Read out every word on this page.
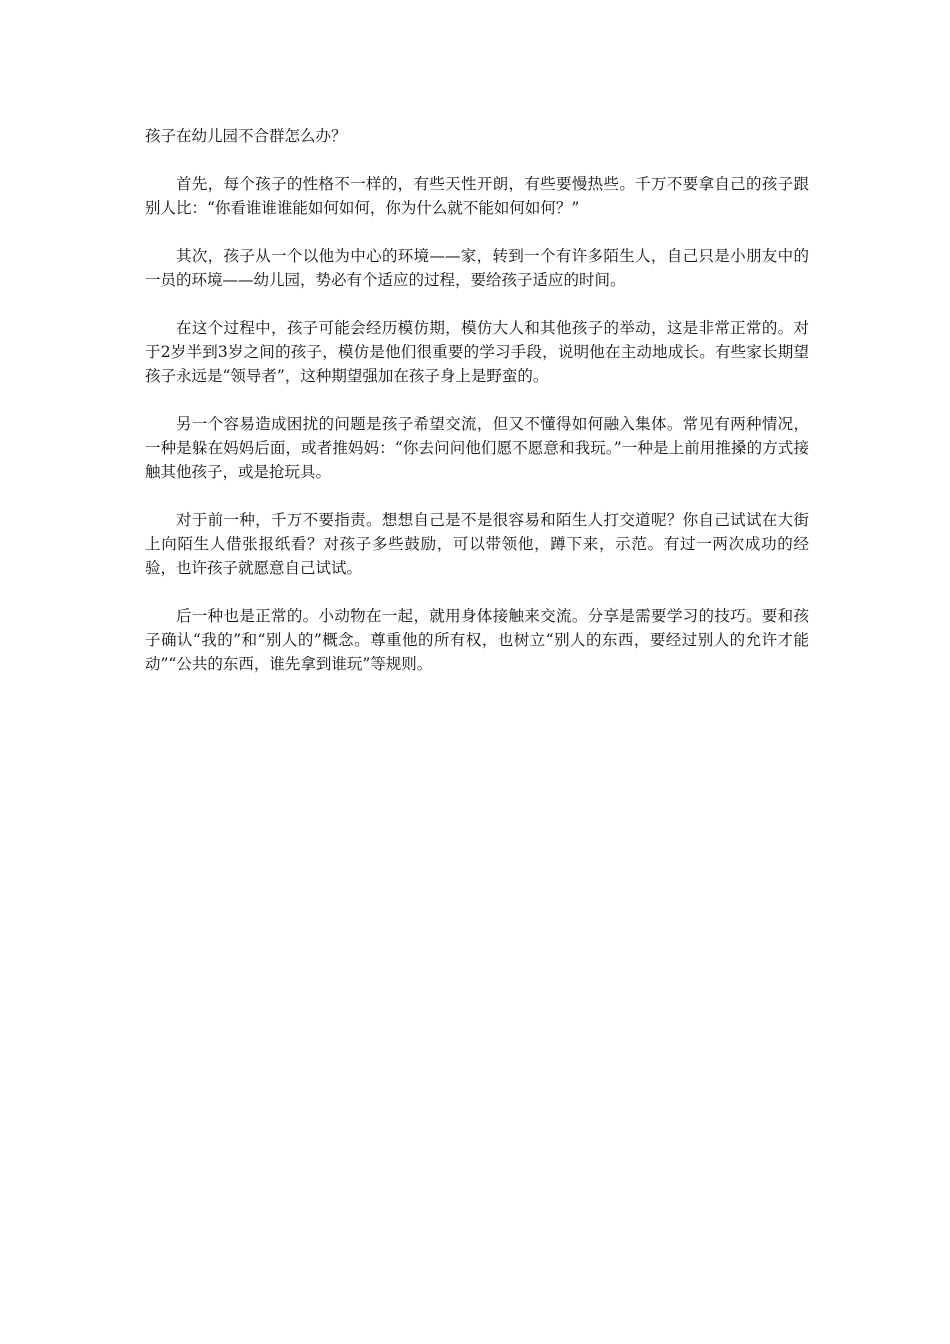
孩子在幼儿园不合群怎么办？

首先，每个孩子的性格不一样的，有些天性开朗，有些要慢热些。千万不要拿自己的孩子跟别人比：“你看谁谁谁能如何如何，你为什么就不能如何如何？”

其次，孩子从一个以他为中心的环境——家，转到一个有许多陌生人，自己只是小朋友中的一员的环境——幼儿园，势必有个适应的过程，要给孩子适应的时间。

在这个过程中，孩子可能会经历模仿期，模仿大人和其他孩子的举动，这是非常正常的。对于2岁半到3岁之间的孩子，模仿是他们很重要的学习手段，说明他在主动地成长。有些家长期望孩子永远是“领导者”，这种期望强加在孩子身上是野蛮的。

另一个容易造成困扰的问题是孩子希望交流，但又不懂得如何融入集体。常见有两种情况，一种是躲在妈妈后面，或者推妈妈：“你去问问他们愿不愿意和我玩。”一种是上前用推搡的方式接触其他孩子，或是抢玩具。

对于前一种，千万不要指责。想想自己是不是很容易和陌生人打交道呢？你自己试试在大街上向陌生人借张报纸看？对孩子多些鼓励，可以带领他，蹲下来，示范。有过一两次成功的经验，也许孩子就愿意自己试试。

后一种也是正常的。小动物在一起，就用身体接触来交流。分享是需要学习的技巧。要和孩子确认“我的”和“别人的”概念。尊重他的所有权，也树立“别人的东西，要经过别人的允许才能动”“公共的东西，谁先拿到谁玩”等规则。
